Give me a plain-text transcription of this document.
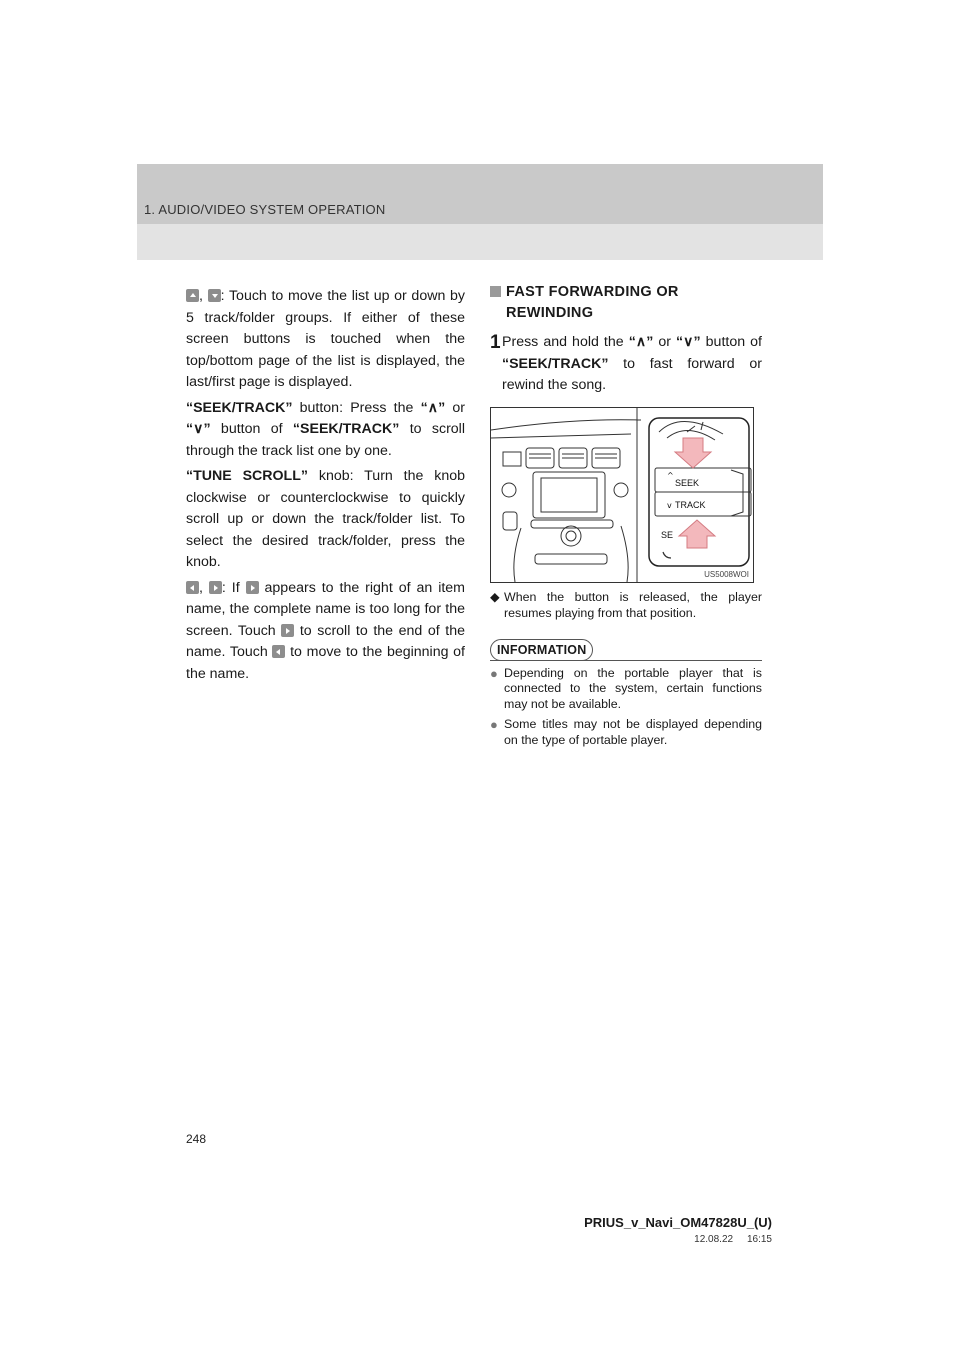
1. AUDIO/VIDEO SYSTEM OPERATION

, : Touch to move the list up or down by 5 track/folder groups. If either of these screen buttons is touched when the top/bottom page of the list is displayed, the last/first page is displayed.

“SEEK/TRACK” button: Press the “∧” or “∨” button of “SEEK/TRACK” to scroll through the track list one by one.

“TUNE SCROLL” knob: Turn the knob clockwise or counterclockwise to quickly scroll up or down the track/folder list. To select the desired track/folder, press the knob.

, : If  appears to the right of an item name, the complete name is too long for the screen. Touch  to scroll to the end of the name. Touch  to move to the beginning of the name.

FAST FORWARDING OR REWINDING
1 Press and hold the “∧” or “∨” button of “SEEK/TRACK” to fast forward or rewind the song.

SEEK
TRACK
^
v
SE
US5008WOI
◆ When the button is released, the player resumes playing from that position.
INFORMATION
● Depending on the portable player that is connected to the system, certain functions may not be available.
● Some titles may not be displayed depending on the type of portable player.
248
PRIUS_v_Navi_OM47828U_(U)
12.08.22     16:15
